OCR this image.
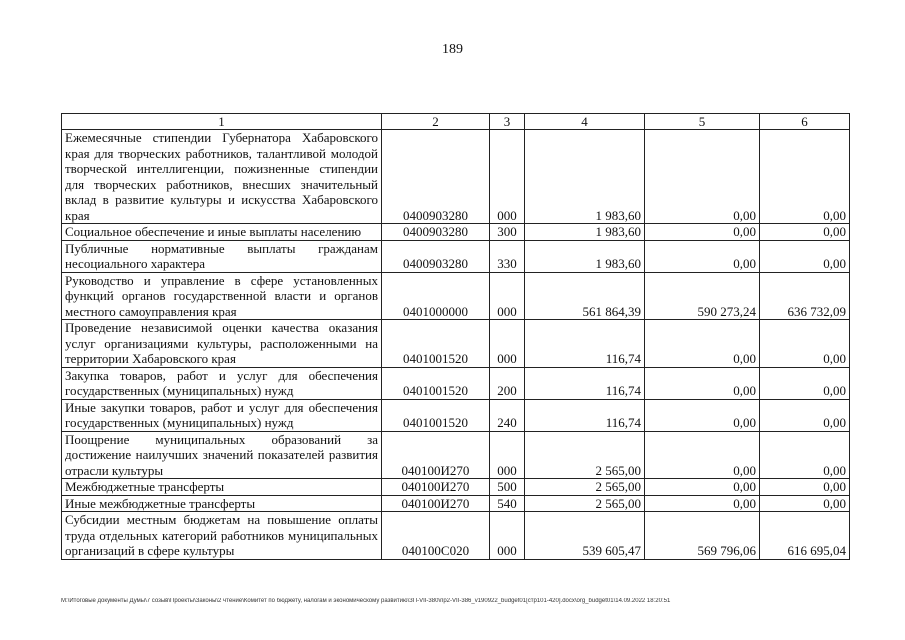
189
1	2	3	4	5	6
Ежемесячные стипендии Губернатора Хабаровского края для творческих работников, талантливой молодой творческой интеллигенции, пожизненные стипендии для творческих работников, внесших значительный вклад в развитие культуры и искусства Хабаровского края	0400903280	000	1 983,60	0,00	0,00
Социальное обеспечение и иные выплаты населению	0400903280	300	1 983,60	0,00	0,00
Публичные нормативные выплаты гражданам несоциального характера	0400903280	330	1 983,60	0,00	0,00
Руководство и управление в сфере установленных функций органов государственной власти и органов местного самоуправления края	0401000000	000	561 864,39	590 273,24	636 732,09
Проведение независимой оценки качества оказания услуг организациями культуры, расположенными на территории Хабаровского края	0401001520	000	116,74	0,00	0,00
Закупка товаров, работ и услуг для обеспечения государственных (муниципальных) нужд	0401001520	200	116,74	0,00	0,00
Иные закупки товаров, работ и услуг для обеспечения государственных (муниципальных) нужд	0401001520	240	116,74	0,00	0,00
Поощрение муниципальных образований за достижение наилучших значений показателей развития отрасли культуры	040100И270	000	2 565,00	0,00	0,00
Межбюджетные трансферты	040100И270	500	2 565,00	0,00	0,00
Иные межбюджетные трансферты	040100И270	540	2 565,00	0,00	0,00
Субсидии местным бюджетам на повышение оплаты труда отдельных категорий работников муниципальных организаций в сфере культуры	040100С020	000	539 605,47	569 796,06	616 695,04
M:\Итоговые документы Думы\7 созыв\Проекты\Законы\2 чтение\Комитет по бюджету, налогам и экономическому развитию\ЗП-VII-380\пр2-VII-386_v190922_budget01[стр101-420].docx\org_budget01\14.09.2022 18:20:51
